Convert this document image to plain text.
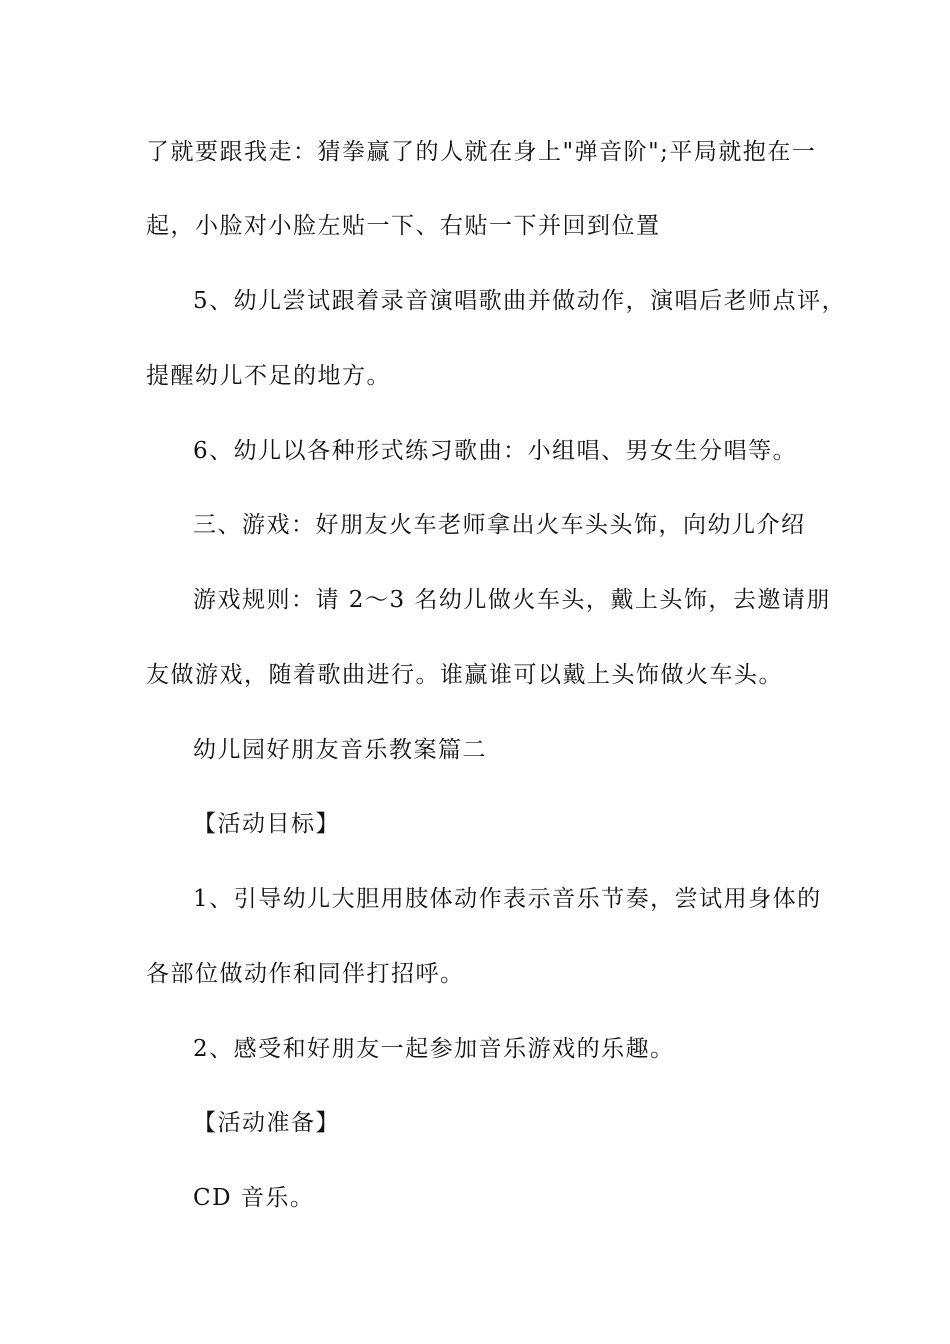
了就要跟我走：猜拳赢了的人就在身上"弹音阶";平局就抱在一
起，小脸对小脸左贴一下、右贴一下并回到位置
5、幼儿尝试跟着录音演唱歌曲并做动作，演唱后老师点评，
提醒幼儿不足的地方。
6、幼儿以各种形式练习歌曲：小组唱、男女生分唱等。
三、游戏：好朋友火车老师拿出火车头头饰，向幼儿介绍
游戏规则：请 2～3 名幼儿做火车头，戴上头饰，去邀请朋
友做游戏，随着歌曲进行。谁赢谁可以戴上头饰做火车头。
幼儿园好朋友音乐教案篇二
【活动目标】
1、引导幼儿大胆用肢体动作表示音乐节奏，尝试用身体的
各部位做动作和同伴打招呼。
2、感受和好朋友一起参加音乐游戏的乐趣。
【活动准备】
CD 音乐。
